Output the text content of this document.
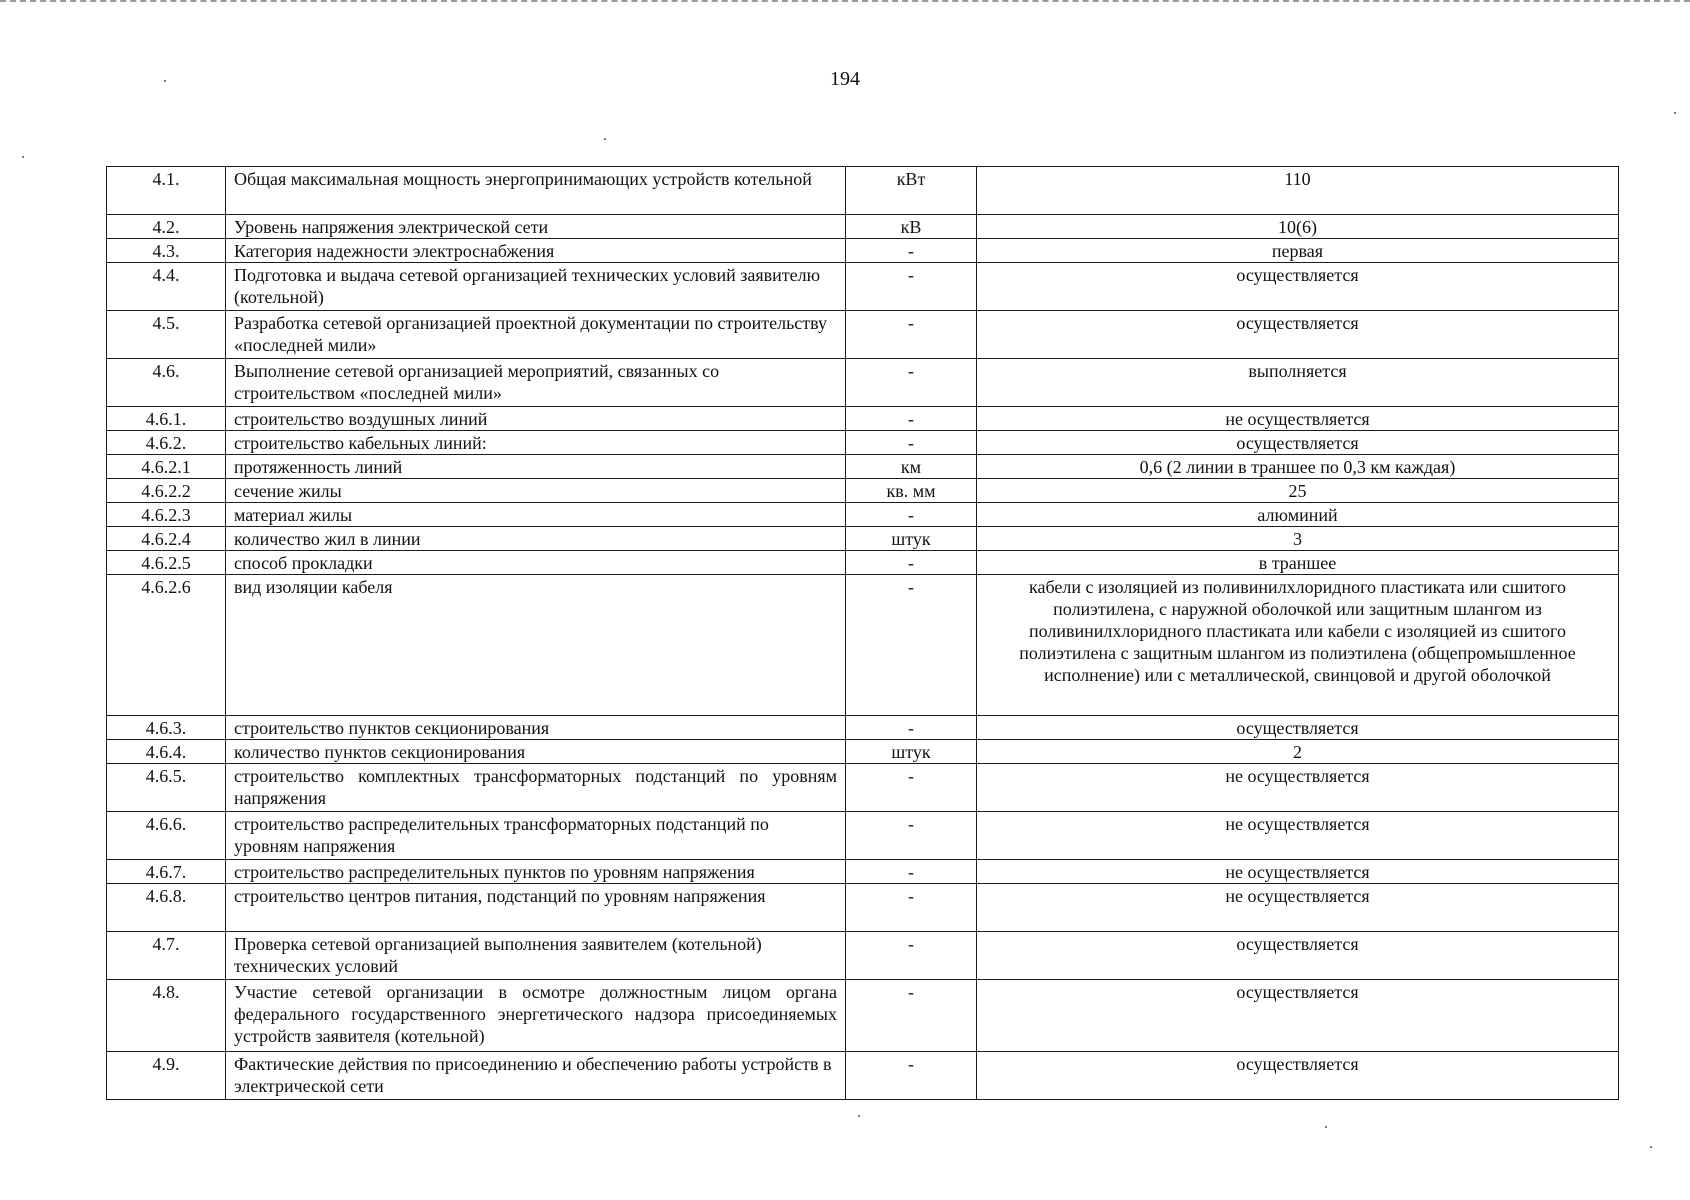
194
4.1.	Общая максимальная мощность энергопринимающих устройств котельной	кВт	110
4.2.	Уровень напряжения электрической сети	кВ	10(6)
4.3.	Категория надежности электроснабжения	-	первая
4.4.	Подготовка и выдача сетевой организацией технических условий заявителю (котельной)	-	осуществляется
4.5.	Разработка сетевой организацией проектной документации по строительству «последней мили»	-	осуществляется
4.6.	Выполнение сетевой организацией мероприятий, связанных со строительством «последней мили»	-	выполняется
4.6.1.	строительство воздушных линий	-	не осуществляется
4.6.2.	строительство кабельных линий:	-	осуществляется
4.6.2.1	протяженность линий	км	0,6 (2 линии в траншее по 0,3 км каждая)
4.6.2.2	сечение жилы	кв. мм	25
4.6.2.3	материал жилы	-	алюминий
4.6.2.4	количество жил в линии	штук	3
4.6.2.5	способ прокладки	-	в траншее
4.6.2.6	вид изоляции кабеля	-	кабели с изоляцией из поливинилхлоридного пластиката или сшитого полиэтилена, с наружной оболочкой или защитным шлангом из поливинилхлоридного пластиката или кабели с изоляцией из сшитого полиэтилена с защитным шлангом из полиэтилена (общепромышленное исполнение) или с металлической, свинцовой и другой оболочкой
4.6.3.	строительство пунктов секционирования	-	осуществляется
4.6.4.	количество пунктов секционирования	штук	2
4.6.5.	строительство комплектных трансформаторных подстанций по уровням напряжения	-	не осуществляется
4.6.6.	строительство распределительных трансформаторных подстанций по уровням напряжения	-	не осуществляется
4.6.7.	строительство распределительных пунктов по уровням напряжения	-	не осуществляется
4.6.8.	строительство центров питания, подстанций по уровням напряжения	-	не осуществляется
4.7.	Проверка сетевой организацией выполнения заявителем (котельной) технических условий	-	осуществляется
4.8.	Участие сетевой организации в осмотре должностным лицом органа федерального государственного энергетического надзора присоединяемых устройств заявителя (котельной)	-	осуществляется
4.9.	Фактические действия по присоединению и обеспечению работы устройств в электрической сети	-	осуществляется
